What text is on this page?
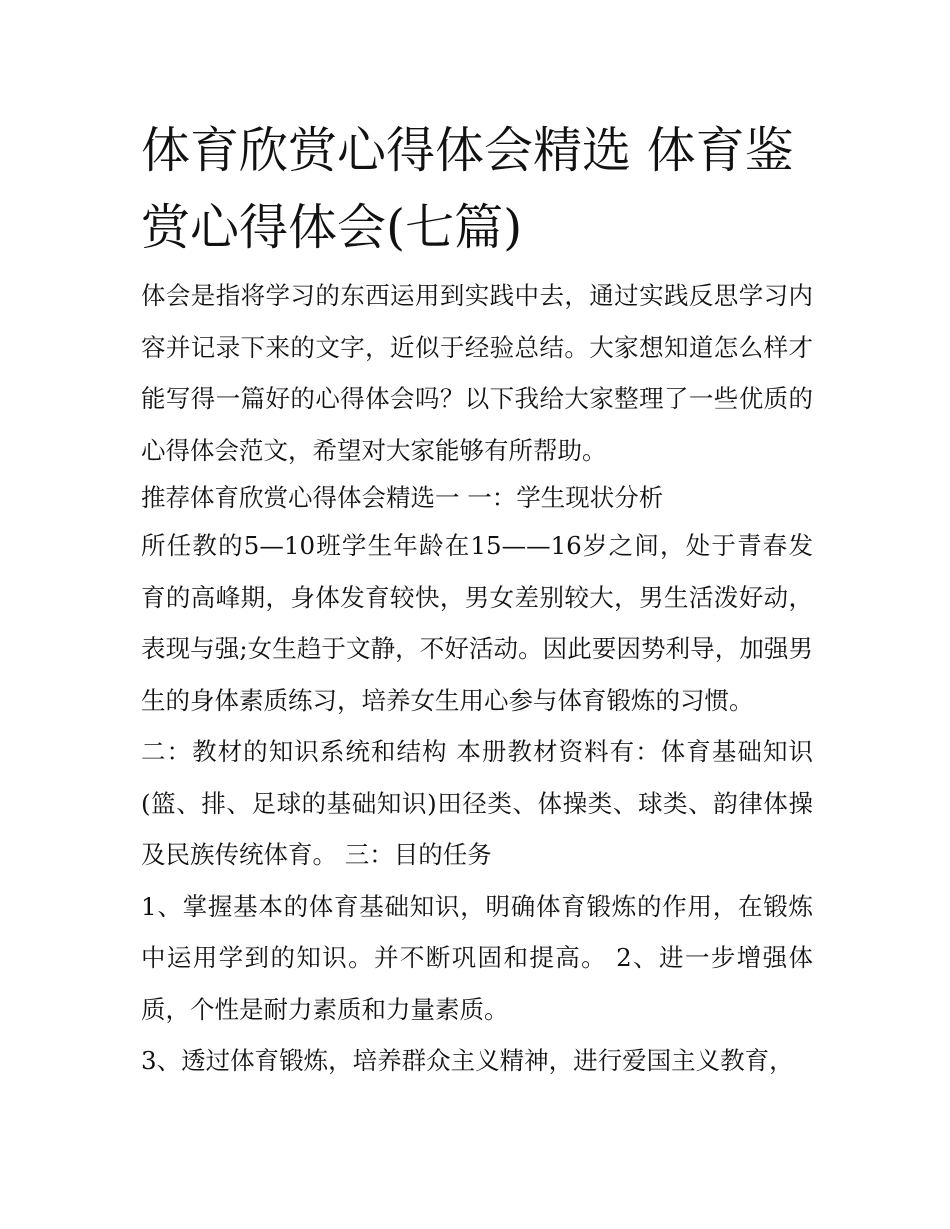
体育欣赏心得体会精选 体育鉴赏心得体会(七篇)

体会是指将学习的东西运用到实践中去，通过实践反思学习内容并记录下来的文字，近似于经验总结。大家想知道怎么样才能写得一篇好的心得体会吗？以下我给大家整理了一些优质的心得体会范文，希望对大家能够有所帮助。

推荐体育欣赏心得体会精选一 一：学生现状分析

所任教的5—10班学生年龄在15——16岁之间，处于青春发育的高峰期，身体发育较快，男女差别较大，男生活泼好动，表现与强;女生趋于文静，不好活动。因此要因势利导，加强男生的身体素质练习，培养女生用心参与体育锻炼的习惯。

二：教材的知识系统和结构 本册教材资料有：体育基础知识(篮、排、足球的基础知识)田径类、体操类、球类、韵律体操及民族传统体育。 三：目的任务

1、掌握基本的体育基础知识，明确体育锻炼的作用，在锻炼中运用学到的知识。并不断巩固和提高。 2、进一步增强体质，个性是耐力素质和力量素质。

3、透过体育锻炼，培养群众主义精神，进行爱国主义教育，
